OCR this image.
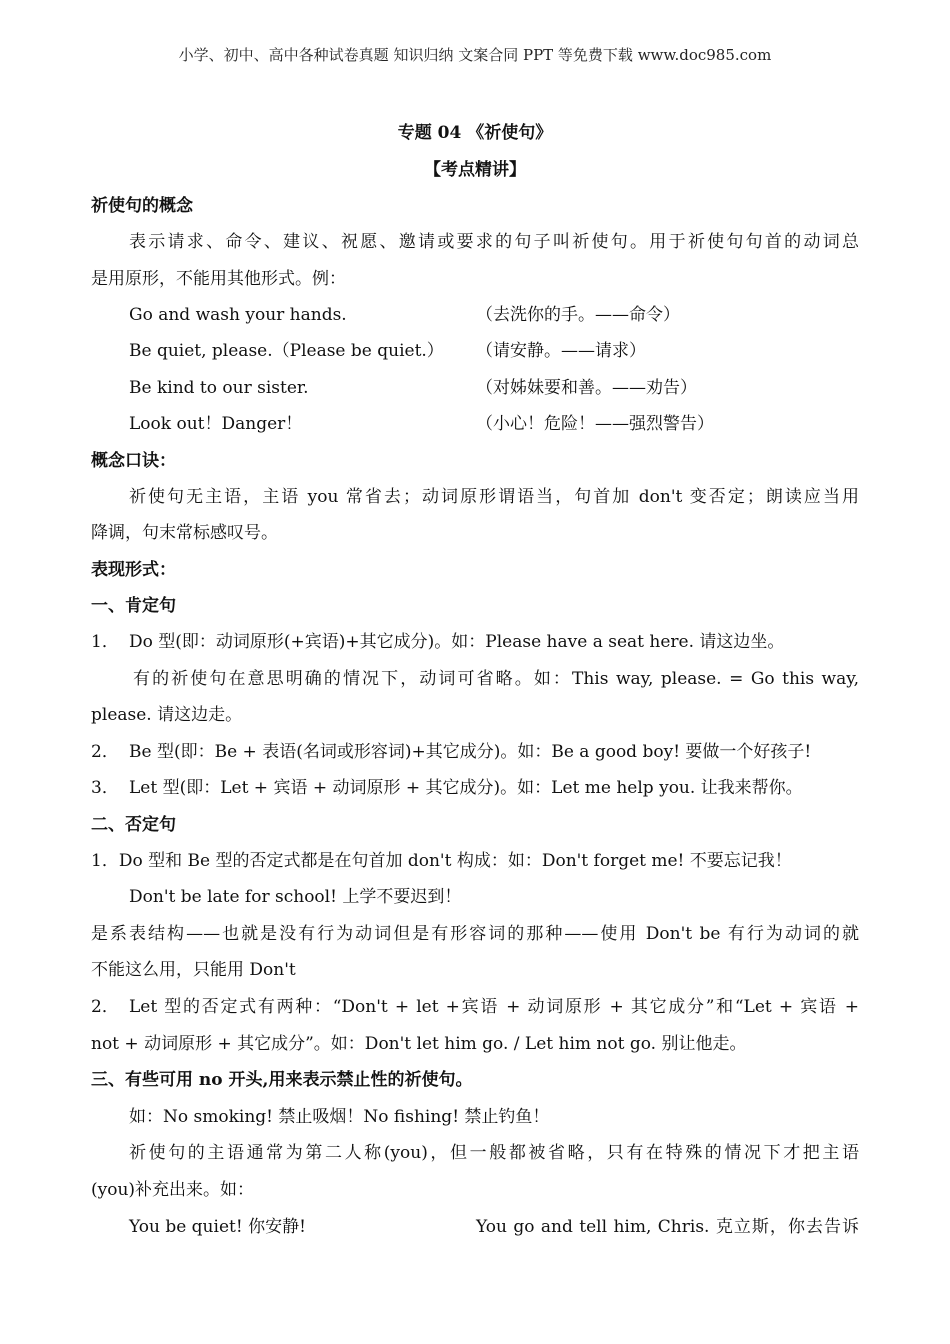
小学、初中、高中各种试卷真题 知识归纳 文案合同 PPT 等免费下载 www.doc985.com
专题 04 《祈使句》
【考点精讲】
祈使句的概念
表示请求、命令、建议、祝愿、邀请或要求的句子叫祈使句。用于祈使句句首的动词总
是用原形，不能用其他形式。例：
Go and wash your hands.	（去洗你的手。——命令）
Be quiet, please.（Please be quiet.） （请安静。——请求）
Be kind to our sister.	（对姊妹要和善。——劝告）
Look out！Danger！	（小心！危险！——强烈警告）
概念口诀：
祈使句无主语，主语 you 常省去；动词原形谓语当，句首加 don't 变否定；朗读应当用
降调，句末常标感叹号。
表现形式：
一、肯定句
1． Do 型(即：动词原形(+宾语)+其它成分)。如：Please have a seat here. 请这边坐。
有的祈使句在意思明确的情况下，动词可省略。如：This way, please. = Go this way,
please. 请这边走。
2． Be 型(即：Be + 表语(名词或形容词)+其它成分)。如：Be a good boy! 要做一个好孩子!
3． Let 型(即：Let + 宾语 + 动词原形 + 其它成分)。如：Let me help you. 让我来帮你。
二、否定句
1．Do 型和 Be 型的否定式都是在句首加 don't 构成：如：Don't forget me! 不要忘记我！
Don't be late for school! 上学不要迟到！
是系表结构——也就是没有行为动词但是有形容词的那种——使用 Don't be 有行为动词的就
不能这么用，只能用 Don't
2． Let 型的否定式有两种：“Don't + let +宾语 + 动词原形 + 其它成分”和“Let + 宾语 +
not + 动词原形 + 其它成分”。如：Don't let him go. / Let him not go. 别让他走。
三、有些可用 no 开头,用来表示禁止性的祈使句。
如：No smoking! 禁止吸烟！No fishing! 禁止钓鱼！
祈使句的主语通常为第二人称(you)，但一般都被省略，只有在特殊的情况下才把主语
(you)补充出来。如：
You be quiet! 你安静!	You go and tell him, Chris. 克立斯，你去告诉
